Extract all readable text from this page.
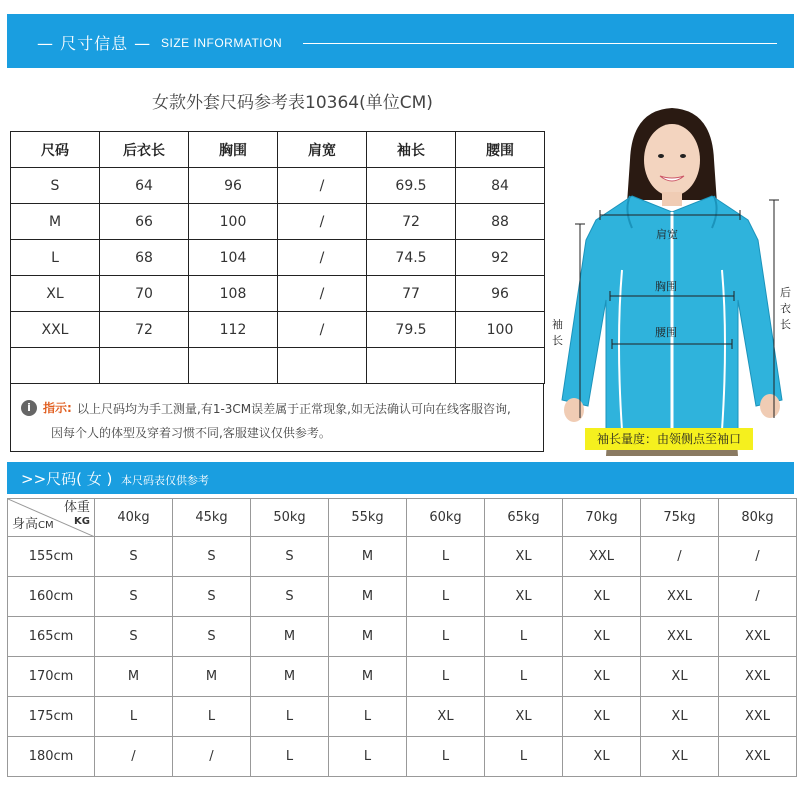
— 尺寸信息 — SIZE INFORMATION
女款外套尺码参考表10364(单位CM)
尺码	后衣长	胸围	肩宽	袖长	腰围
S	64	96	/	69.5	84
M	66	100	/	72	88
L	68	104	/	74.5	92
XL	70	108	/	77	96
XXL	72	112	/	79.5	100

i	指示: 以上尺码均为手工测量,有1-3CM误差属于正常现象,如无法确认可向在线客服咨询,
因每个人的体型及穿着习惯不同,客服建议仅供参考。
肩宽
胸围
腰围
袖长
后衣长
袖长量度：由领侧点至袖口
>>尺码( 女 ) 本尺码表仅供参考
体重
KG
身高CM	40kg	45kg	50kg	55kg	60kg	65kg	70kg	75kg	80kg
155cm	S	S	S	M	L	XL	XXL	/	/
160cm	S	S	S	M	L	XL	XL	XXL	/
165cm	S	S	M	M	L	L	XL	XXL	XXL
170cm	M	M	M	M	L	L	XL	XL	XXL
175cm	L	L	L	L	XL	XL	XL	XL	XXL
180cm	/	/	L	L	L	L	XL	XL	XXL
